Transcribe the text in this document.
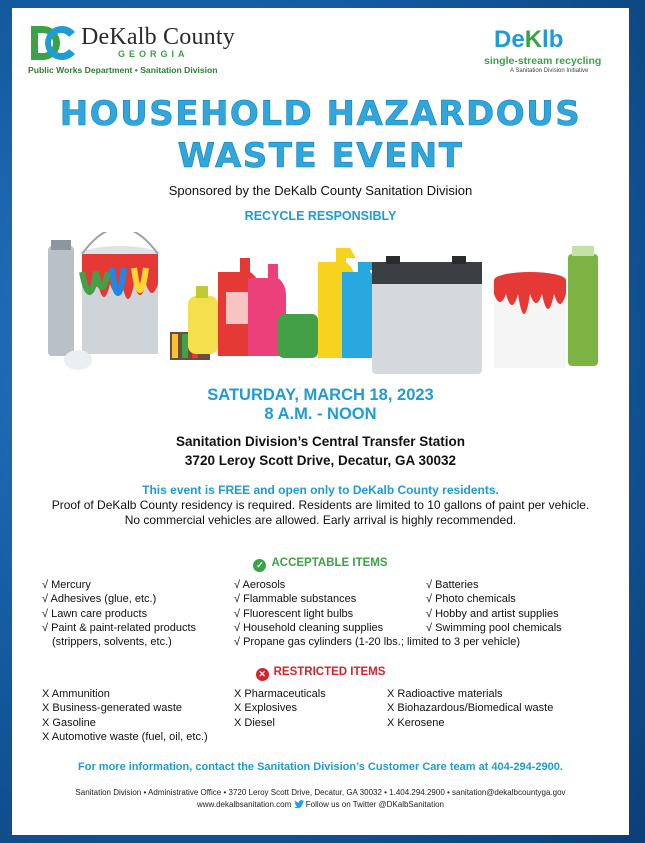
DeKalb County
GEORGIA
Public Works Department • Sanitation Division
DeKlb
single-stream recycling
A Sanitation Division Initiative
HOUSEHOLD HAZARDOUS
WASTE EVENT
Sponsored by the DeKalb County Sanitation Division
RECYCLE RESPONSIBLY
SATURDAY, MARCH 18, 2023
8 A.M. - NOON
Sanitation Division’s Central Transfer Station
3720 Leroy Scott Drive, Decatur, GA 30032
This event is FREE and open only to DeKalb County residents.
Proof of DeKalb County residency is required. Residents are limited to 10 gallons of paint per vehicle.
No commercial vehicles are allowed. Early arrival is highly recommended.
✓ ACCEPTABLE ITEMS
√ Mercury
√ Adhesives (glue, etc.)
√ Lawn care products
√ Paint & paint-related products
(strippers, solvents, etc.)
√ Aerosols
√ Flammable substances
√ Fluorescent light bulbs
√ Household cleaning supplies
√ Propane gas cylinders (1-20 lbs.; limited to 3 per vehicle)
√ Batteries
√ Photo chemicals
√ Hobby and artist supplies
√ Swimming pool chemicals
✕ RESTRICTED ITEMS
X Ammunition
X Business-generated waste
X Gasoline
X Automotive waste (fuel, oil, etc.)
X Pharmaceuticals
X Explosives
X Diesel
X Radioactive materials
X Biohazardous/Biomedical waste
X Kerosene
For more information, contact the Sanitation Division’s Customer Care team at 404-294-2900.
Sanitation Division • Administrative Office • 3720 Leroy Scott Drive, Decatur, GA 30032 • 1.404.294.2900 • sanitation@dekalbcountyga.gov
www.dekalbsanitation.com Follow us on Twitter @DKalbSanitation
